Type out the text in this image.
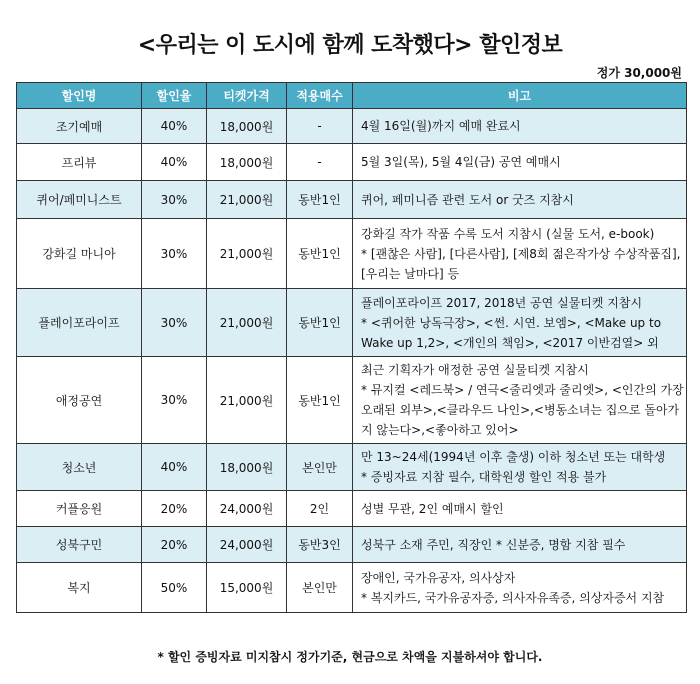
<우리는 이 도시에 함께 도착했다> 할인정보
정가 30,000원
할인명	할인율	티켓가격	적용매수	비고
조기예매	40%	18,000원	-	4월 16일(월)까지 예매 완료시

프리뷰	40%	18,000원	-	5월 3일(목), 5월 4일(금) 공연 예매시

퀴어/페미니스트	30%	21,000원	동반1인	퀴어, 페미니즘 관련 도서 or 굿즈 지참시

강화길 마니아	30%	21,000원	동반1인	강화길 작가 작품 수록 도서 지참시 (실물 도서, e-book)
* [괜찮은 사람], [다른사람], [제8회 젊은작가상 수상작품집],
[우리는 날마다] 등

플레이포라이프	30%	21,000원	동반1인	플레이포라이프 2017, 2018년 공연 실물티켓 지참시
* <퀴어한 낭독극장>, <썬. 시연. 보엠>, <Make up to
Wake up 1,2>, <개인의 책임>, <2017 이반검열> 외

애정공연	30%	21,000원	동반1인	최근 기획자가 애정한 공연 실물티켓 지참시
* 뮤지컬 <레드북> / 연극<줄리엣과 줄리엣>, <인간의 가장
오래된 외부>,<클라우드 나인>,<병동소녀는 집으로 돌아가
지 않는다>,<좋아하고 있어>

청소년	40%	18,000원	본인만	만 13~24세(1994년 이후 출생) 이하 청소년 또는 대학생
* 증빙자료 지참 필수, 대학원생 할인 적용 불가

커플응원	20%	24,000원	2인	성별 무관, 2인 예매시 할인

성북구민	20%	24,000원	동반3인	성북구 소재 주민, 직장인 * 신분증, 명함 지참 필수

복지	50%	15,000원	본인만	장애인, 국가유공자, 의사상자
* 복지카드, 국가유공자증, 의사자유족증, 의상자증서 지참
* 할인 증빙자료 미지참시 정가기준, 현금으로 차액을 지불하셔야 합니다.
